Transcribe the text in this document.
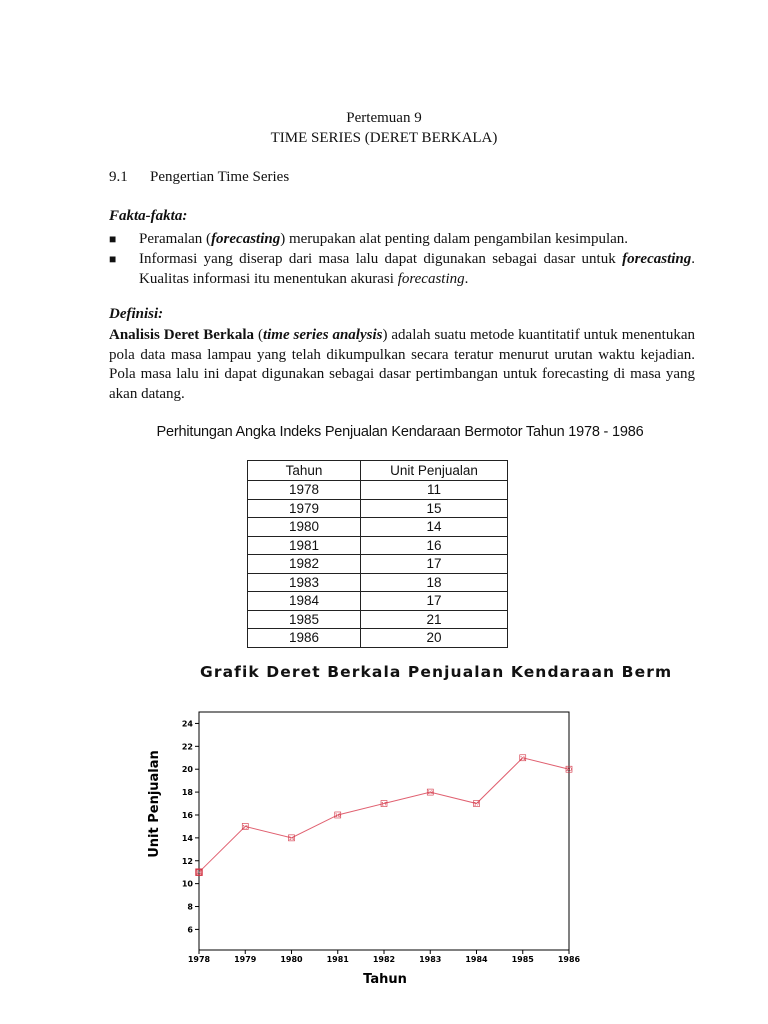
Pertemuan 9
TIME SERIES (DERET BERKALA)
9.1 Pengertian Time Series
Fakta-fakta:
■ Peramalan (forecasting) merupakan alat penting dalam pengambilan kesimpulan.
■ Informasi yang diserap dari masa lalu dapat digunakan sebagai dasar untuk forecasting. Kualitas informasi itu menentukan akurasi forecasting.
Definisi:
Analisis Deret Berkala (time series analysis) adalah suatu metode kuantitatif untuk menentukan pola data masa lampau yang telah dikumpulkan secara teratur menurut urutan waktu kejadian. Pola masa lalu ini dapat digunakan sebagai dasar pertimbangan untuk forecasting di masa yang akan datang.
Perhitungan Angka Indeks Penjualan Kendaraan Bermotor Tahun 1978 - 1986
Tahun	Unit Penjualan
1978	11
1979	15
1980	14
1981	16
1982	17
1983	18
1984	17
1985	21
1986	20
Grafik Deret Berkala Penjualan Kendaraan Berm
6
8
10
12
14
16
18
20
22
24
1978	1979	1980	1981	1982	1983	1984	1985	1986
11
15
14
16
17
18
17
21
20
Unit Penjualan
Tahun
